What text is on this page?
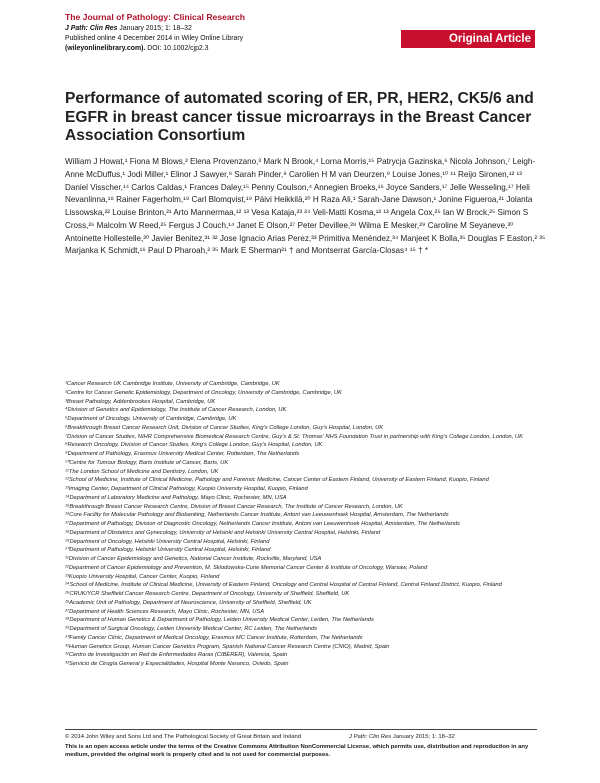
The Journal of Pathology: Clinical Research
J Path: Clin Res January 2015; 1: 18–32
Published online 4 December 2014 in Wiley Online Library
(wileyonlinelibrary.com). DOI: 10.1002/cjp2.3
Original Article
Performance of automated scoring of ER, PR, HER2, CK5/6 and EGFR in breast cancer tissue microarrays in the Breast Cancer Association Consortium
William J Howat,¹ Fiona M Blows,² Elena Provenzano,³ Mark N Brook,⁴ Lorna Morris,¹⁵ Patrycja Gazinska,⁶ Nicola Johnson,⁷ Leigh-Anne McDuffus,¹ Jodi Miller,¹ Elinor J Sawyer,⁸ Sarah Pinder,⁸ Carolien H M van Deurzen,⁹ Louise Jones,¹⁰ ¹¹ Reijo Sironen,¹² ¹³ Daniel Visscher,¹⁴ Carlos Caldas,¹ Frances Daley,¹⁵ Penny Coulson,⁴ Annegien Broeks,¹⁶ Joyce Sanders,¹⁷ Jelle Wesseling,¹⁷ Heli Nevanlinna,¹⁸ Rainer Fagerholm,¹⁸ Carl Blomqvist,¹⁹ Päivi Heikkilä,²⁰ H Raza Ali,¹ Sarah-Jane Dawson,¹ Jonine Figueroa,²¹ Jolanta Lissowska,²² Louise Brinton,²¹ Arto Mannermaa,¹² ¹³ Vesa Kataja,²³ ²⁴ Veli-Matti Kosma,¹² ¹³ Angela Cox,²⁵ Ian W Brock,²⁵ Simon S Cross,²⁶ Malcolm W Reed,²⁵ Fergus J Couch,¹⁴ Janet E Olson,²⁷ Peter Devillee,²⁸ Wilma E Mesker,²⁹ Caroline M Seyaneve,³⁰ Antoinette Hollestelle,³⁰ Javier Benitez,³¹ ³² Jose Ignacio Arias Perez,³³ Primitiva Menéndez,³⁴ Manjeet K Bolla,³⁵ Douglas F Easton,² ³⁵ Marjanka K Schmidt,¹⁶ Paul D Pharoah,² ³⁵ Mark E Sherman²¹ † and Montserrat García-Closas⁴ ¹⁵ † *
¹Cancer Research UK Cambridge Institute, University of Cambridge, Cambridge, UK
²Centre for Cancer Genetic Epidemiology, Department of Oncology, University of Cambridge, Cambridge, UK
³Breast Pathology, Addenbrookes Hospital, Cambridge, UK
⁴Division of Genetics and Epidemiology, The Institute of Cancer Research, London, UK
⁵Department of Oncology, University of Cambridge, Cambridge, UK
⁶Breakthrough Breast Cancer Research Unit, Division of Cancer Studies, King's College London, Guy's Hospital, London, UK
⁷Division of Cancer Studies, NIHR Comprehensive Biomedical Research Centre, Guy's & St. Thomas' NHS Foundation Trust in partnership with King's College London, London, UK
⁸Research Oncology, Division of Cancer Studies, King's College London, Guy's Hospital, London, UK
⁹Department of Pathology, Erasmus University Medical Center, Rotterdam, The Netherlands
¹⁰Centre for Tumour Biology, Barts Institute of Cancer, Barts, UK
¹¹The London School of Medicine and Dentistry, London, UK
¹²School of Medicine, Institute of Clinical Medicine, Pathology and Forensic Medicine, Cancer Center of Eastern Finland, University of Eastern Finland, Kuopio, Finland
¹³Imaging Center, Department of Clinical Pathology, Kuopio University Hospital, Kuopio, Finland
¹⁴Department of Laboratory Medicine and Pathology, Mayo Clinic, Rochester, MN, USA
¹⁵Breakthrough Breast Cancer Research Centre, Division of Breast Cancer Research, The Institute of Cancer Research, London, UK
¹⁶Core Facility for Molecular Pathology and Biobanking, Netherlands Cancer Institute, Antoni van Leeuwenhoek Hospital, Amsterdam, The Netherlands
¹⁷Department of Pathology, Division of Diagnostic Oncology, Netherlands Cancer Institute, Antoni van Leeuwenhoek Hospital, Amsterdam, The Netherlands
¹⁸Department of Obstetrics and Gynecology, University of Helsinki and Helsinki University Central Hospital, Helsinki, Finland
¹⁹Department of Oncology, Helsinki University Central Hospital, Helsinki, Finland
²⁰Department of Pathology, Helsinki University Central Hospital, Helsinki, Finland
²¹Division of Cancer Epidemiology and Genetics, National Cancer Institute, Rockville, Maryland, USA
²²Department of Cancer Epidemiology and Prevention, M. Sklodowska-Curie Memorial Cancer Center & Institute of Oncology, Warsaw, Poland
²³Kuopio University Hospital, Cancer Center, Kuopio, Finland
²⁴School of Medicine, Institute of Clinical Medicine, University of Eastern Finland, Oncology and Central Hospital of Central Finland, Central Finland District, Kuopio, Finland
²⁵CRUK/YCR Sheffield Cancer Research Centre, Department of Oncology, University of Sheffield, Sheffield, UK
²⁶Academic Unit of Pathology, Department of Neuroscience, University of Sheffield, Sheffield, UK
²⁷Department of Health Sciences Research, Mayo Clinic, Rochester, MN, USA
²⁸Department of Human Genetics & Department of Pathology, Leiden University Medical Center, Leiden, The Netherlands
²⁹Department of Surgical Oncology, Leiden University Medical Center, RC Leiden, The Netherlands
³⁰Family Cancer Clinic, Department of Medical Oncology, Erasmus MC Cancer Institute, Rotterdam, The Netherlands
³¹Human Genetics Group, Human Cancer Genetics Program, Spanish National Cancer Research Centre (CNIO), Madrid, Spain
³²Centro de Investigación en Red de Enfermedades Raras (CIBERER), Valencia, Spain
³³Servicio de Cirugía General y Especialidades, Hospital Monte Naranco, Oviedo, Spain
© 2014 John Wiley and Sons Ltd and The Pathological Society of Great Britain and Ireland	J Path: Clin Res January 2015; 1: 18–32
This is an open access article under the terms of the Creative Commons Attribution NonCommercial License, which permits use, distribution and reproduction in any medium, provided the original work is properly cited and is not used for commercial purposes.
